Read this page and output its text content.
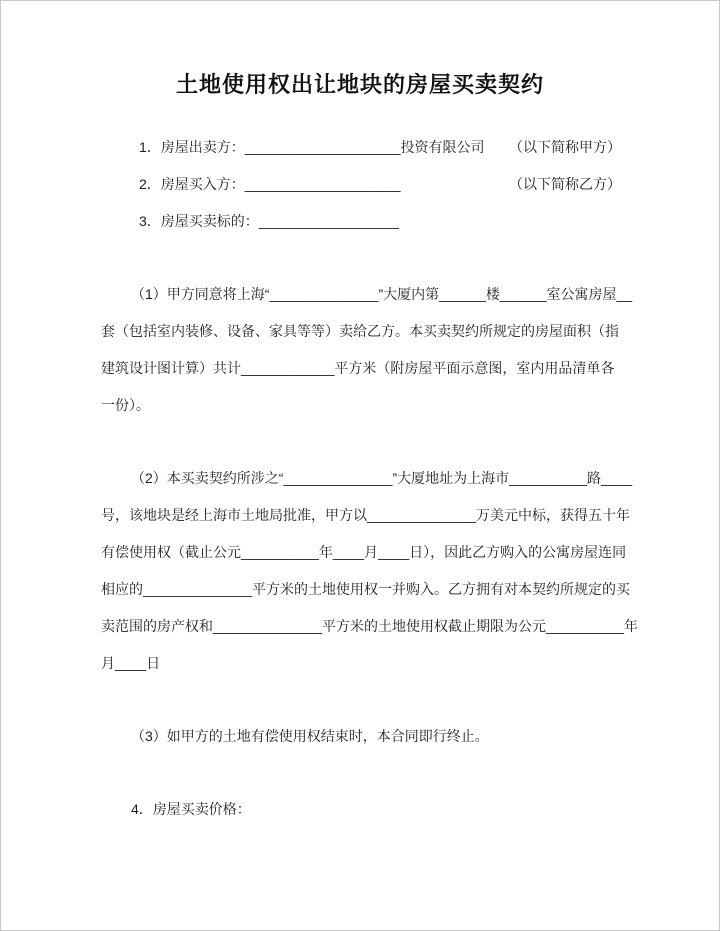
土地使用权出让地块的房屋买卖契约
1．房屋出卖方：____________________投资有限公司 （以下简称甲方）
2．房屋买入方：____________________	（以下简称乙方）
3．房屋买卖标的：__________________
（1）甲方同意将上海“______________”大厦内第______楼______室公寓房屋__
套（包括室内装修、设备、家具等等）卖给乙方。本买卖契约所规定的房屋面积（指
建筑设计图计算）共计____________平方米（附房屋平面示意图，室内用品清单各
一份）。
（2）本买卖契约所涉之“______________”大厦地址为上海市__________路____
号，该地块是经上海市土地局批准，甲方以______________万美元中标，获得五十年
有偿使用权（截止公元__________年____月____日），因此乙方购入的公寓房屋连同
相应的______________平方米的土地使用权一并购入。乙方拥有对本契约所规定的买
卖范围的房产权和______________平方米的土地使用权截止期限为公元__________年
月____日
（3）如甲方的土地有偿使用权结束时，本合同即行终止。
4．房屋买卖价格：
